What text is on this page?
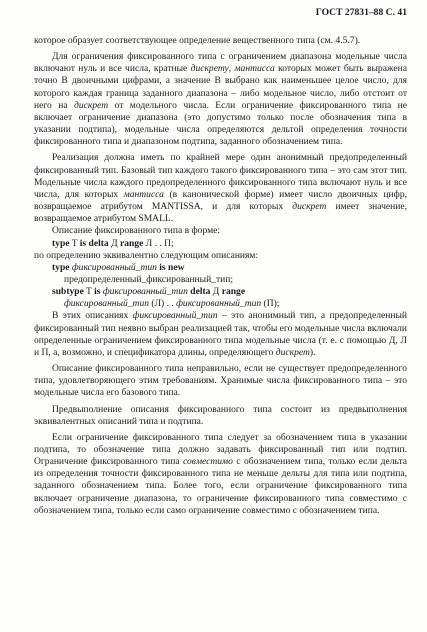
ГОСТ 27831–88 С. 41

которое образует соответствующее определение вещественного типа (см. 4.5.7).

Для ограничения фиксированного типа с ограничением диапазона модельные числа включают нуль и все числа, кратные дискрету, мантисса которых может быть выражена точно В двоичными цифрами, а значение В выбрано как наименьшее целое число, для которого каждая граница заданного диапазона – либо модельное число, либо отстоит от него на дискрет от модельного числа. Если ограничение фиксированного типа не включает ограничение диапазона (это допустимо только после обозначения типа в указании подтипа), модельные числа определяются дельтой определения точности фиксированного типа и диапазоном подтипа, заданного обозначением типа.

Реализация должна иметь по крайней мере один анонимный предопределенный фиксированный тип. Базовый тип каждого такого фиксированного типа – это сам этот тип. Модельные числа каждого предопределенного фиксированного типа включают нуль и все числа, для которых мантисса (в канонической форме) имеет число двоичных цифр, возвращаемое атрибутом MANTISSA, и для которых дискрет имеет значение, возвращаемое атрибутом SMALL.

Описание фиксированного типа в форме:

type T is delta Д range Л . . П;

по определению эквивалентно следующим описаниям:

type фиксированный_тип is new

предопределенный_фиксированный_тип;

subtype T is фиксированный_тип delta Д range

фиксированный_тип (Л) . . фиксированный_тип (П);

В этих описаниях фиксированный_тип – это анонимный тип, а предопределенный фиксированный тип неявно выбран реализацией так, чтобы его модельные числа включали определенные ограничением фиксированного типа модельные числа (т. е. с помощью Д, Л и П, а, возможно, и спецификатора длины, определяющего дискрет).

Описание фиксированного типа неправильно, если не существует предопределенного типа, удовлетворяющего этим требованиям. Хранимые числа фиксированного типа – это модельные числа его базового типа.

Предвыполнение описания фиксированного типа состоит из предвыполнения эквивалентных описаний типа и подтипа.

Если ограничение фиксированного типа следует за обозначением типа в указании подтипа, то обозначение типа должно задавать фиксированный тип или подтип. Ограничение фиксированного типа совместимо с обозначением типа, только если дельта из определения точности фиксированного типа не меньше дельты для типа или подтипа, заданного обозначением типа. Более того, если ограничение фиксированного типа включает ограничение диапазона, то ограничение фиксированного типа совместимо с обозначением типа, только если само ограничение совместимо с обозначением типа.
